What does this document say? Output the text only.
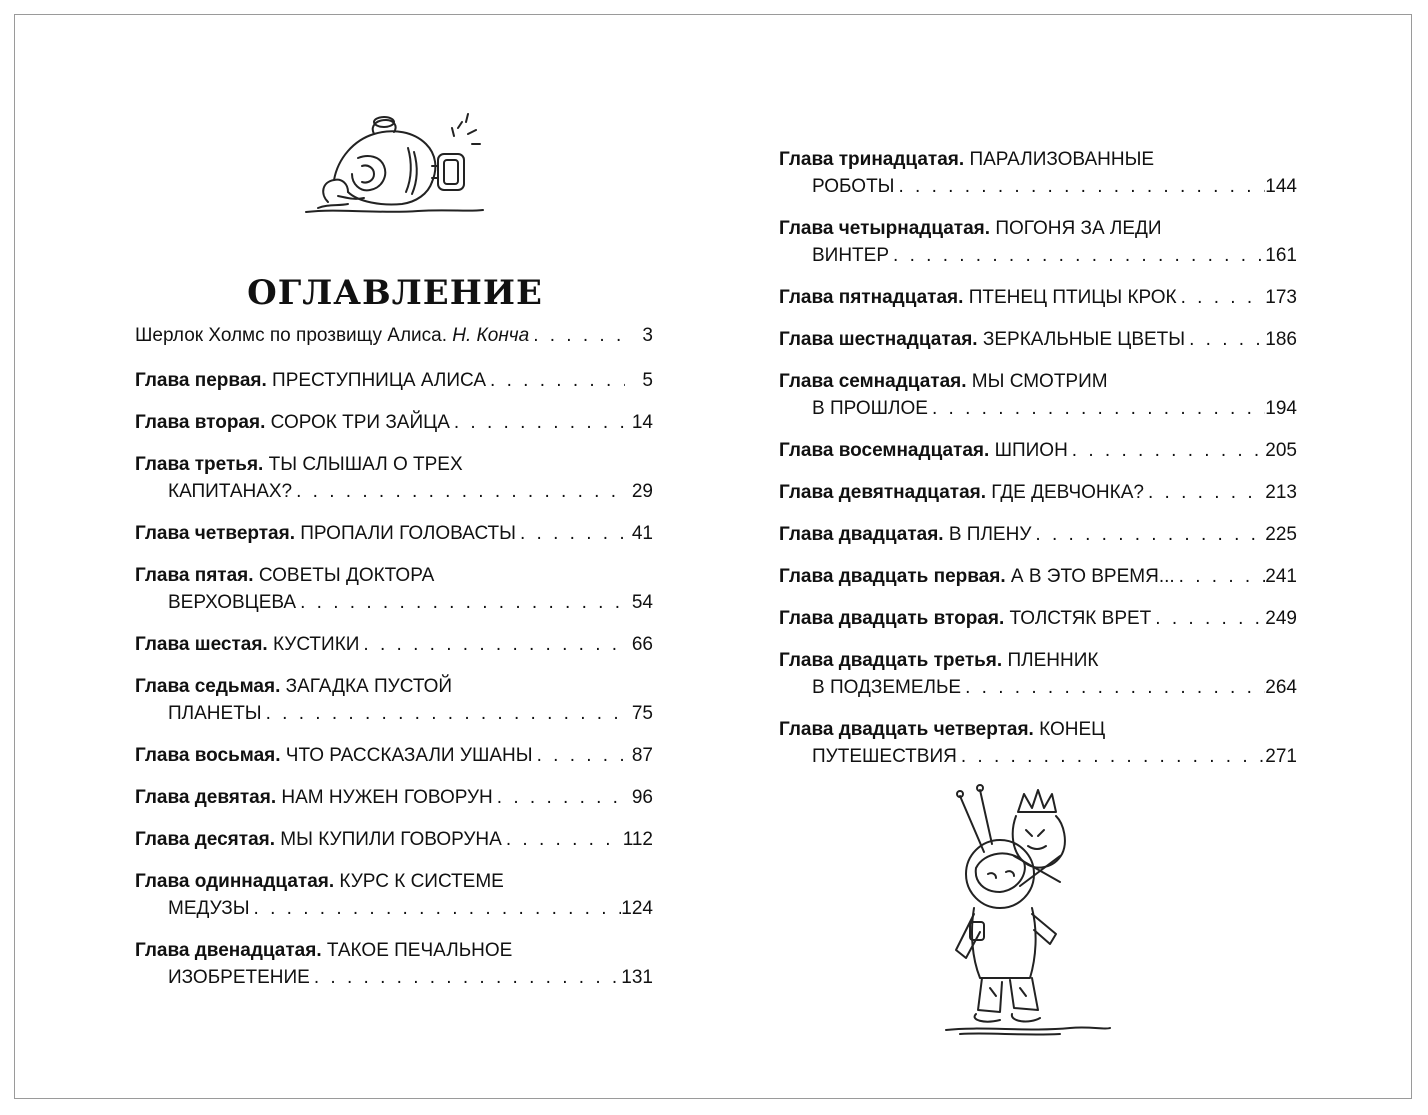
ОГЛАВЛЕНИЕ
Шерлок Холмс по прозвищу Алиса. Н. Конча . . .	3
Глава первая. ПРЕСТУПНИЦА АЛИСА . . .	5
Глава вторая. СОРОК ТРИ ЗАЙЦА . . .	14
Глава третья. ТЫ СЛЫШАЛ О ТРЕХ
КАПИТАНАХ? . . .	29
Глава четвертая. ПРОПАЛИ ГОЛОВАСТЫ . . .	41
Глава пятая. СОВЕТЫ ДОКТОРА
ВЕРХОВЦЕВА . . .	54
Глава шестая. КУСТИКИ . . .	66
Глава седьмая. ЗАГАДКА ПУСТОЙ
ПЛАНЕТЫ . . .	75
Глава восьмая. ЧТО РАССКАЗАЛИ УШАНЫ . . .	87
Глава девятая. НАМ НУЖЕН ГОВОРУН . . .	96
Глава десятая. МЫ КУПИЛИ ГОВОРУНА . . .	112
Глава одиннадцатая. КУРС К СИСТЕМЕ
МЕДУЗЫ . . .	124
Глава двенадцатая. ТАКОЕ ПЕЧАЛЬНОЕ
ИЗОБРЕТЕНИЕ . . .	131
Глава тринадцатая. ПАРАЛИЗОВАННЫЕ
РОБОТЫ . . .	144
Глава четырнадцатая. ПОГОНЯ ЗА ЛЕДИ
ВИНТЕР . . .	161
Глава пятнадцатая. ПТЕНЕЦ ПТИЦЫ КРОК . . .	173
Глава шестнадцатая. ЗЕРКАЛЬНЫЕ ЦВЕТЫ . . .	186
Глава семнадцатая. МЫ СМОТРИМ
В ПРОШЛОЕ . . .	194
Глава восемнадцатая. ШПИОН . . .	205
Глава девятнадцатая. ГДЕ ДЕВЧОНКА? . . .	213
Глава двадцатая. В ПЛЕНУ . . .	225
Глава двадцать первая. А В ЭТО ВРЕМЯ... . . .	241
Глава двадцать вторая. ТОЛСТЯК ВРЕТ . . .	249
Глава двадцать третья. ПЛЕННИК
В ПОДЗЕМЕЛЬЕ . . .	264
Глава двадцать четвертая. КОНЕЦ
ПУТЕШЕСТВИЯ . . .	271
